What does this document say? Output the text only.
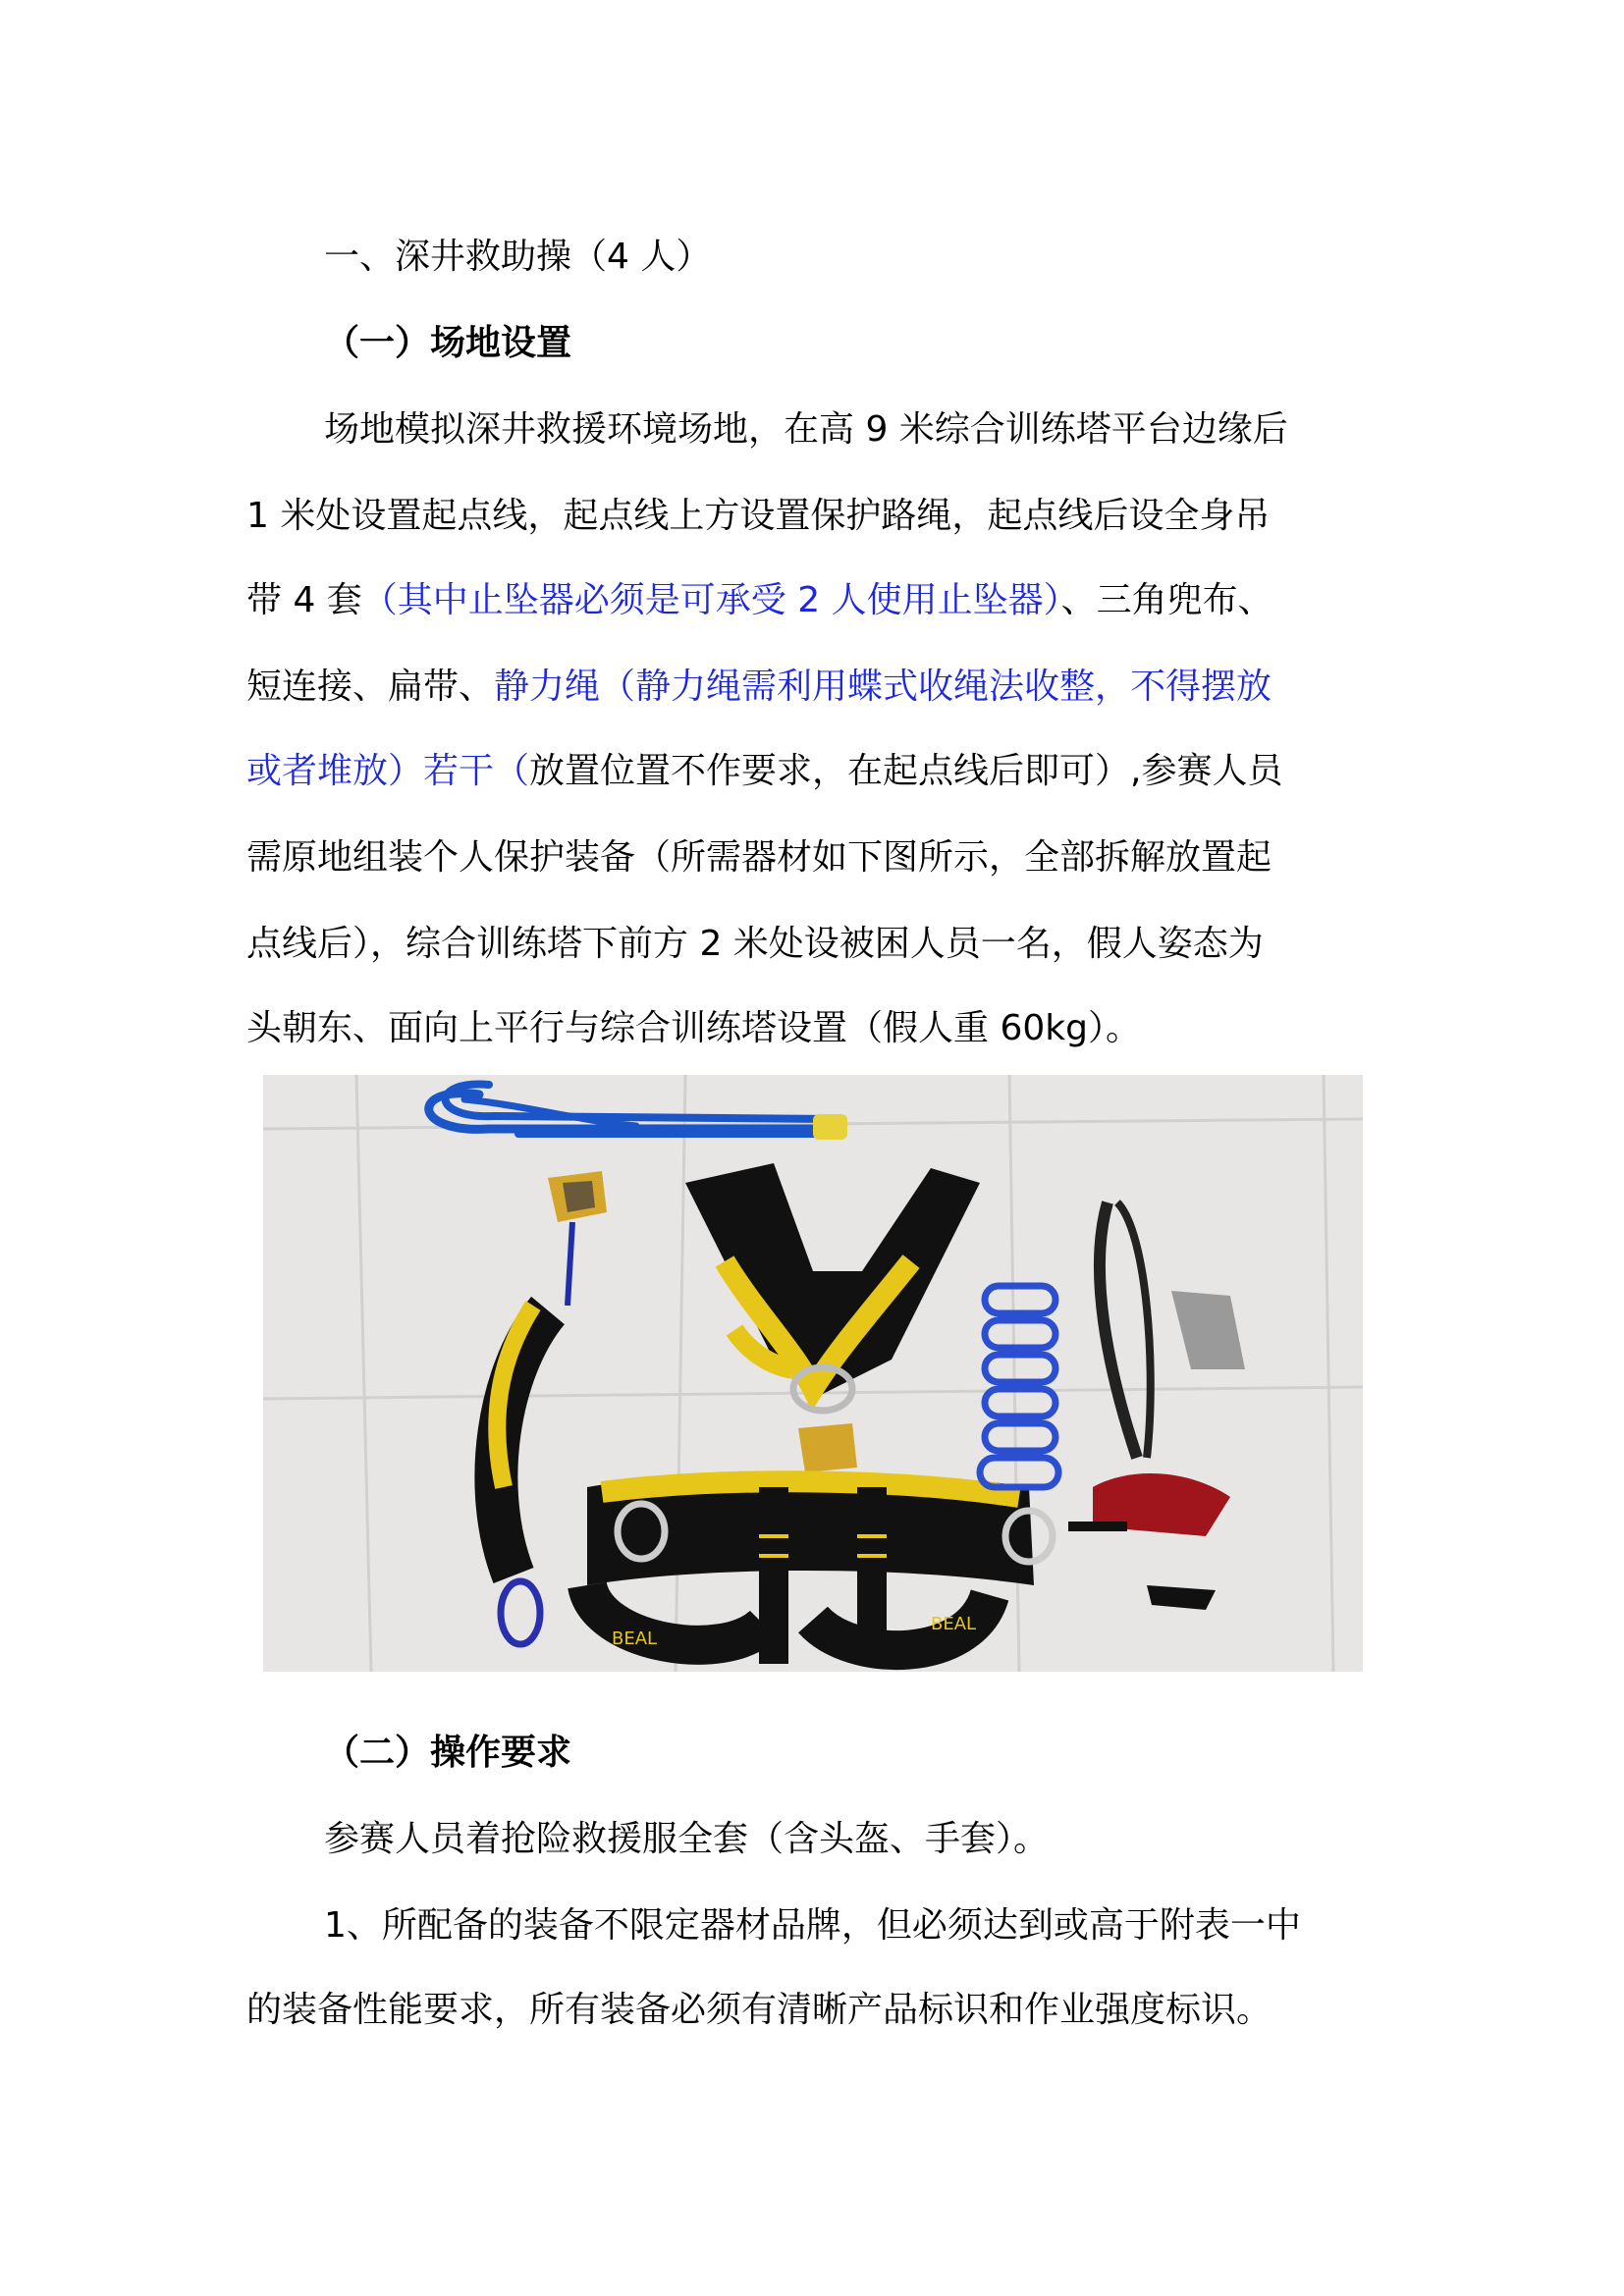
一、深井救助操（4 人）
（一）场地设置
场地模拟深井救援环境场地，在高 9 米综合训练塔平台边缘后
1 米处设置起点线，起点线上方设置保护路绳，起点线后设全身吊
带 4 套（其中止坠器必须是可承受 2 人使用止坠器）、三角兜布、
短连接、扁带、静力绳（静力绳需利用蝶式收绳法收整，不得摆放
或者堆放）若干（放置位置不作要求，在起点线后即可）,参赛人员
需原地组装个人保护装备（所需器材如下图所示，全部拆解放置起
点线后），综合训练塔下前方 2 米处设被困人员一名，假人姿态为
头朝东、面向上平行与综合训练塔设置（假人重 60kg）。
BEAL
BEAL
（二）操作要求
参赛人员着抢险救援服全套（含头盔、手套）。
1、所配备的装备不限定器材品牌，但必须达到或高于附表一中
的装备性能要求，所有装备必须有清晰产品标识和作业强度标识。
